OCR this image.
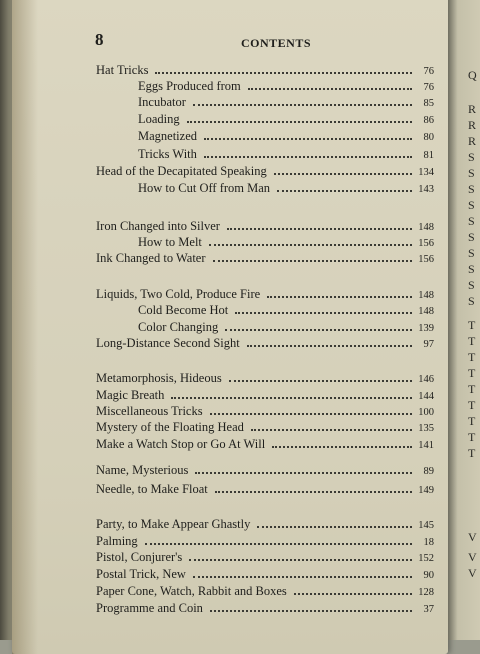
8	CONTENTS
Hat Tricks	76
Eggs Produced from	76
Incubator	85
Loading	86
Magnetized	80
Tricks With	81
Head of the Decapitated Speaking	134
How to Cut Off from Man	143
Iron Changed into Silver	148
How to Melt	156
Ink Changed to Water	156
Liquids, Two Cold, Produce Fire	148
Cold Become Hot	148
Color Changing	139
Long-Distance Second Sight	97
Metamorphosis, Hideous	146
Magic Breath	144
Miscellaneous Tricks	100
Mystery of the Floating Head	135
Make a Watch Stop or Go At Will	141
Name, Mysterious	89
Needle, to Make Float	149
Party, to Make Appear Ghastly	145
Palming	18
Pistol, Conjurer's	152
Postal Trick, New	90
Paper Cone, Watch, Rabbit and Boxes	128
Programme and Coin	37
Q
R
R
R
S
S
S
S
S
S
S
S
S
S
T
T
T
T
T
T
T
T
T
V
V
V
